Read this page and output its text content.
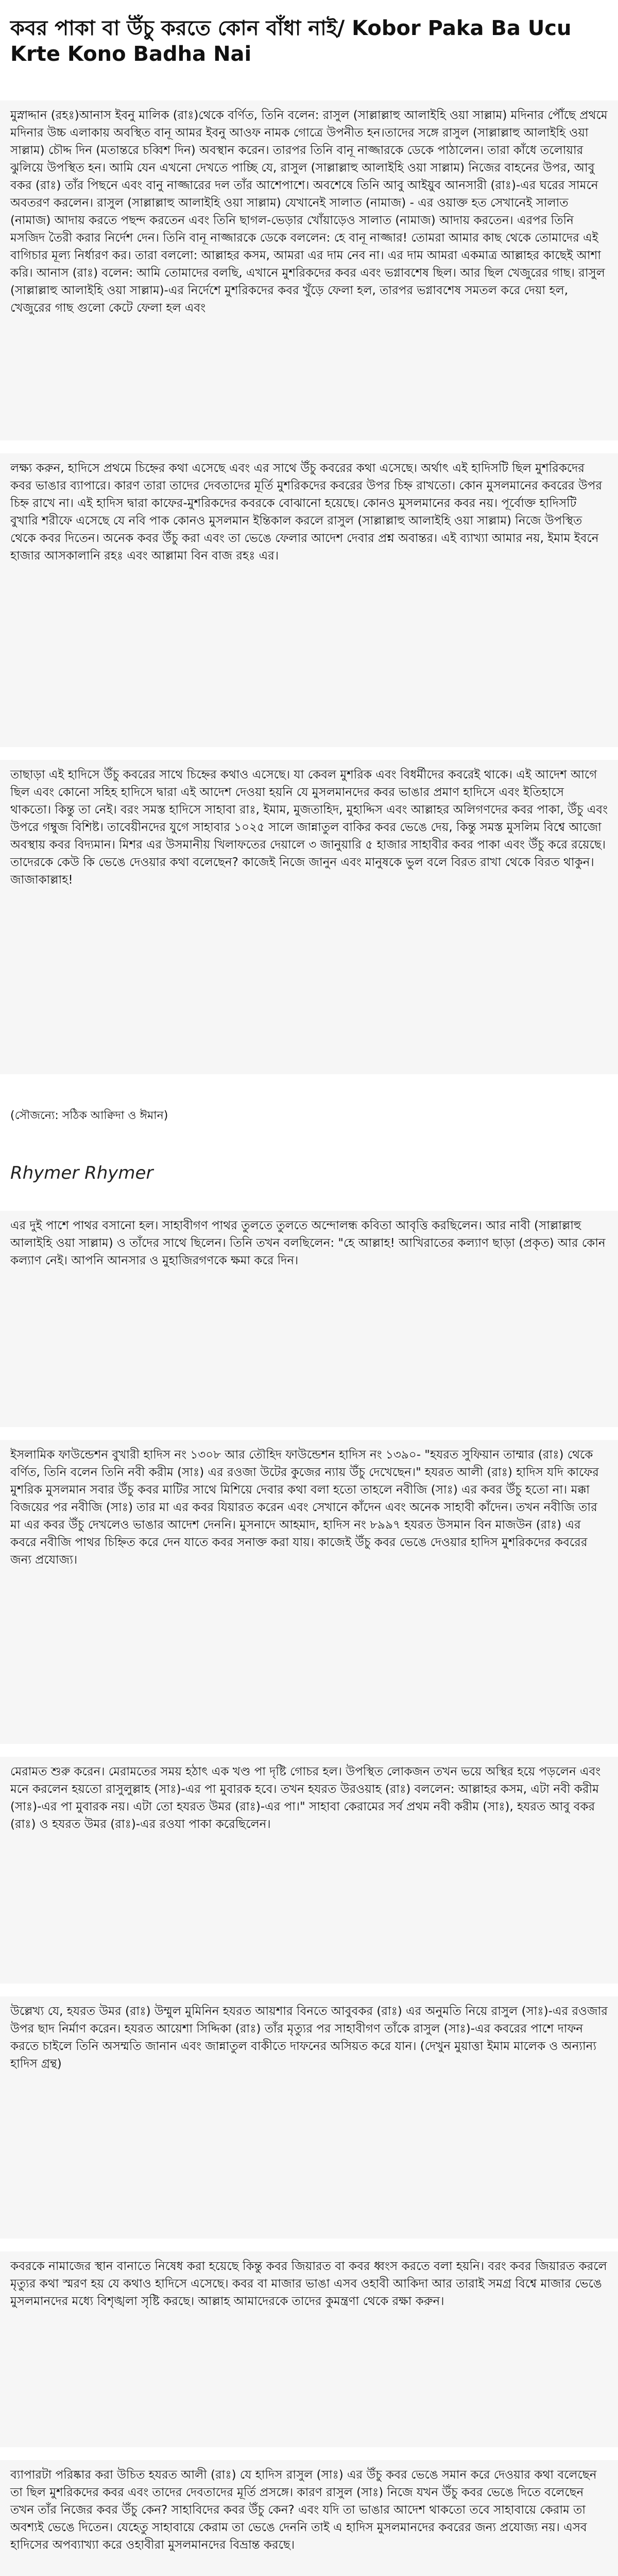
কবর পাকা বা উঁচু করতে কোন বাঁধা নাই/ Kobor Paka Ba Ucu Krte Kono Badha Nai

মুস্নাদ্দান (রহঃ)আনাস ইবনু মালিক (রাঃ)থেকে বর্ণিত, তিনি বলেন: রাসুল (সাল্লাল্লাহু আলাইহি ওয়া সাল্লাম) মদিনার পৌঁছে প্রথমে মদিনার উচ্চ এলাকায় অবস্থিত বানূ আমর ইবনু আওফ নামক গোত্রে উপনীত হন।তাদের সঙ্গে রাসুল (সাল্লাল্লাহু আলাইহি ওয়া সাল্লাম) চৌদ্দ দিন (মতান্তরে চব্বিশ দিন) অবস্থান করেন। তারপর তিনি বানূ নাজ্জারকে ডেকে পাঠালেন। তারা কাঁধে তলোয়ার ঝুলিয়ে উপস্থিত হন। আমি যেন এখনো দেখতে পাচ্ছি যে, রাসুল (সাল্লাল্লাহু আলাইহি ওয়া সাল্লাম) নিজের বাহনের উপর, আবু বকর (রাঃ) তাঁর পিছনে এবং বানু নাজ্জারের দল তাঁর আশেপাশে। অবশেষে তিনি আবু আইয়ুব আনসারী (রাঃ)-এর ঘরের সামনে অবতরণ করলেন। রাসুল (সাল্লাল্লাহু আলাইহি ওয়া সাল্লাম) যেখানেই সালাত (নামাজ) - এর ওয়াক্ত হত সেখানেই সালাত (নামাজ) আদায় করতে পছন্দ করতেন এবং তিনি ছাগল-ভেড়ার খোঁয়াড়েও সালাত (নামাজ) আদায় করতেন। এরপর তিনি মসজিদ তৈরী করার নির্দেশ দেন। তিনি বানূ নাজ্জারকে ডেকে বললেন: হে বানূ নাজ্জার! তোমরা আমার কাছ থেকে তোমাদের এই বাগিচার মূল্য নির্ধারণ কর। তারা বললো: আল্লাহর কসম, আমরা এর দাম নেব না। এর দাম আমরা একমাত্র আল্লাহর কাছেই আশা করি। আনাস (রাঃ) বলেন: আমি তোমাদের বলছি, এখানে মুশরিকদের কবর এবং ভগ্নাবশেষ ছিল। আর ছিল খেজুরের গাছ। রাসুল (সাল্লাল্লাহু আলাইহি ওয়া সাল্লাম)-এর নির্দেশে মুশরিকদের কবর খুঁড়ে ফেলা হল, তারপর ভগ্নাবশেষ সমতল করে দেয়া হল, খেজুরের গাছ গুলো কেটে ফেলা হল এবং

লক্ষ্য করুন, হাদিসে প্রথমে চিহ্নের কথা এসেছে এবং এর সাথে উঁচু কবরের কথা এসেছে। অর্থাৎ এই হাদিসটি ছিল মুশরিকদের কবর ভাঙার ব্যাপারে। কারণ তারা তাদের দেবতাদের মূর্তি মুশরিকদের কবরের উপর চিহ্ন রাখতো। কোন মুসলমানের কবরের উপর চিহ্ন রাখে না। এই হাদিস দ্বারা কাফের-মুশরিকদের কবরকে বোঝানো হয়েছে। কোনও মুসলমানের কবর নয়। পূর্বোক্ত হাদিসটি বুখারি শরীফে এসেছে যে নবি পাক কোনও মুসলমান ইন্তিকাল করলে রাসুল (সাল্লাল্লাহু আলাইহি ওয়া সাল্লাম) নিজে উপস্থিত থেকে কবর দিতেন। অনেক কবর উঁচু করা এবং তা ভেঙে ফেলার আদেশ দেবার প্রশ্ন অবান্তর। এই ব্যাখ্যা আমার নয়, ইমাম ইবনে হাজার আসকালানি রহঃ এবং আল্লামা বিন বাজ রহঃ এর।

তাছাড়া এই হাদিসে উঁচু কবরের সাথে চিহ্নের কথাও এসেছে। যা কেবল মুশরিক এবং বিধর্মীদের কবরেই থাকে। এই আদেশ আগে ছিল এবং কোনো সহিহ হাদিসে দ্বারা এই আদেশ দেওয়া হয়নি যে মুসলমানদের কবর ভাঙার প্রমাণ হাদিসে এবং ইতিহাসে থাকতো। কিন্তু তা নেই। বরং সমস্ত হাদিসে সাহাবা রাঃ, ইমাম, মুজতাহিদ, মুহাদ্দিস এবং আল্লাহর অলিগণদের কবর পাকা, উঁচু এবং উপরে গম্বুজ বিশিষ্ট। তাবেয়ীনদের যুগে সাহাবার ১০২৫ সালে জান্নাতুল বাকির কবর ভেঙে দেয়, কিন্তু সমস্ত মুসলিম বিশ্বে আজো অবস্থায় কবর বিদ্যমান। মিশর এর উসমানীয় খিলাফতের দেয়ালে ৩ জানুয়ারি ৫ হাজার সাহাবীর কবর পাকা এবং উঁচু করে রয়েছে। তাদেরকে কেউ কি ভেঙে দেওয়ার কথা বলেছেন? কাজেই নিজে জানুন এবং মানুষকে ভুল বলে বিরত রাখা থেকে বিরত থাকুন। জাজাকাল্লাহ!

(সৌজন্যে: সঠিক আক্বিদা ও ঈমান)
Rhymer Rhymer

এর দুই পাশে পাথর বসানো হল। সাহাবীগণ পাথর তুলতে তুলতে অন্দোলন্ধ কবিতা আবৃত্তি করছিলেন। আর নাবী (সাল্লাল্লাহু আলাইহি ওয়া সাল্লাম) ও তাঁদের সাথে ছিলেন। তিনি তখন বলছিলেন: "হে আল্লাহ! আখিরাতের কল্যাণ ছাড়া (প্রকৃত) আর কোন কল্যাণ নেই। আপনি আনসার ও মুহাজিরগণকে ক্ষমা করে দিন।

ইসলামিক ফাউন্ডেশন বুখারী হাদিস নং ১৩০৮ আর তৌহিদ ফাউন্ডেশন হাদিস নং ১৩৯০- "হযরত সুফিয়ান তাম্মার (রাঃ) থেকে বর্ণিত, তিনি বলেন তিনি নবী করীম (সাঃ) এর রওজা উটের কুজের ন্যায় উঁচু দেখেছেন।" হযরত আলী (রাঃ) হাদিস যদি কাফের মুশরিক মুসলমান সবার উঁচু কবর মাটির সাথে মিশিয়ে দেবার কথা বলা হতো তাহলে নবীজি (সাঃ) এর কবর উঁচু হতো না। মক্কা বিজয়ের পর নবীজি (সাঃ) তার মা এর কবর যিয়ারত করেন এবং সেখানে কাঁদেন এবং অনেক সাহাবী কাঁদেন। তখন নবীজি তার মা এর কবর উঁচু দেখলেও ভাঙার আদেশ দেননি। মুসনাদে আহমাদ, হাদিস নং ৮৯৯৭ হযরত উসমান বিন মাজউন (রাঃ) এর কবরে নবীজি পাথর চিহ্নিত করে দেন যাতে কবর সনাক্ত করা যায়। কাজেই উঁচু কবর ভেঙে দেওয়ার হাদিস মুশরিকদের কবরের জন্য প্রযোজ্য।

মেরামত শুরু করেন। মেরামতের সময় হঠাৎ এক খণ্ড পা দৃষ্টি গোচর হল। উপস্থিত লোকজন তখন ভয়ে অস্থির হয়ে পড়লেন এবং মনে করলেন হয়তো রাসুলুল্লাহ (সাঃ)-এর পা মুবারক হবে। তখন হযরত উরওয়াহ (রাঃ) বললেন: আল্লাহর কসম, এটা নবী করীম (সাঃ)-এর পা মুবারক নয়। এটা তো হযরত উমর (রাঃ)-এর পা।" সাহাবা কেরামের সর্ব প্রথম নবী করীম (সাঃ), হযরত আবু বকর (রাঃ) ও হযরত উমর (রাঃ)-এর রওযা পাকা করেছিলেন।

উল্লেখ্য যে, হযরত উমর (রাঃ) উম্মুল মুমিনিন হযরত আয়শার বিনতে আবুবকর (রাঃ) এর অনুমতি নিয়ে রাসুল (সাঃ)-এর রওজার উপর ছাদ নির্মাণ করেন। হযরত আয়েশা সিদ্দিকা (রাঃ) তাঁর মৃত্যুর পর সাহাবীগণ তাঁকে রাসুল (সাঃ)-এর কবরের পাশে দাফন করতে চাইলে তিনি অসম্মতি জানান এবং জান্নাতুল বাকীতে দাফনের অসিয়ত করে যান। (দেখুন মুয়াত্তা ইমাম মালেক ও অন্যান্য হাদিস গ্রন্থ)

কবরকে নামাজের স্থান বানাতে নিষেধ করা হয়েছে কিন্তু কবর জিয়ারত বা কবর ধ্বংস করতে বলা হয়নি। বরং কবর জিয়ারত করলে মৃত্যুর কথা স্মরণ হয় যে কথাও হাদিসে এসেছে। কবর বা মাজার ভাঙা এসব ওহাবী আকিদা আর তারাই সমগ্র বিশ্বে মাজার ভেঙে মুসলমানদের মধ্যে বিশৃঙ্খলা সৃষ্টি করছে। আল্লাহ আমাদেরকে তাদের কুমন্ত্রণা থেকে রক্ষা করুন।

ব্যাপারটা পরিষ্কার করা উচিত হযরত আলী (রাঃ) যে হাদিস রাসুল (সাঃ) এর উঁচু কবর ভেঙে সমান করে দেওয়ার কথা বলেছেন তা ছিল মুশরিকদের কবর এবং তাদের দেবতাদের মূর্তি প্রসঙ্গে। কারণ রাসুল (সাঃ) নিজে যখন উঁচু কবর ভেঙে দিতে বলেছেন তখন তাঁর নিজের কবর উঁচু কেন? সাহাবিদের কবর উঁচু কেন? এবং যদি তা ভাঙার আদেশ থাকতো তবে সাহাবায়ে কেরাম তা অবশ্যই ভেঙে দিতেন। যেহেতু সাহাবায়ে কেরাম তা ভেঙে দেননি তাই এ হাদিস মুসলমানদের কবরের জন্য প্রযোজ্য নয়। এসব হাদিসের অপব্যাখ্যা করে ওহাবীরা মুসলমানদের বিভ্রান্ত করছে।
